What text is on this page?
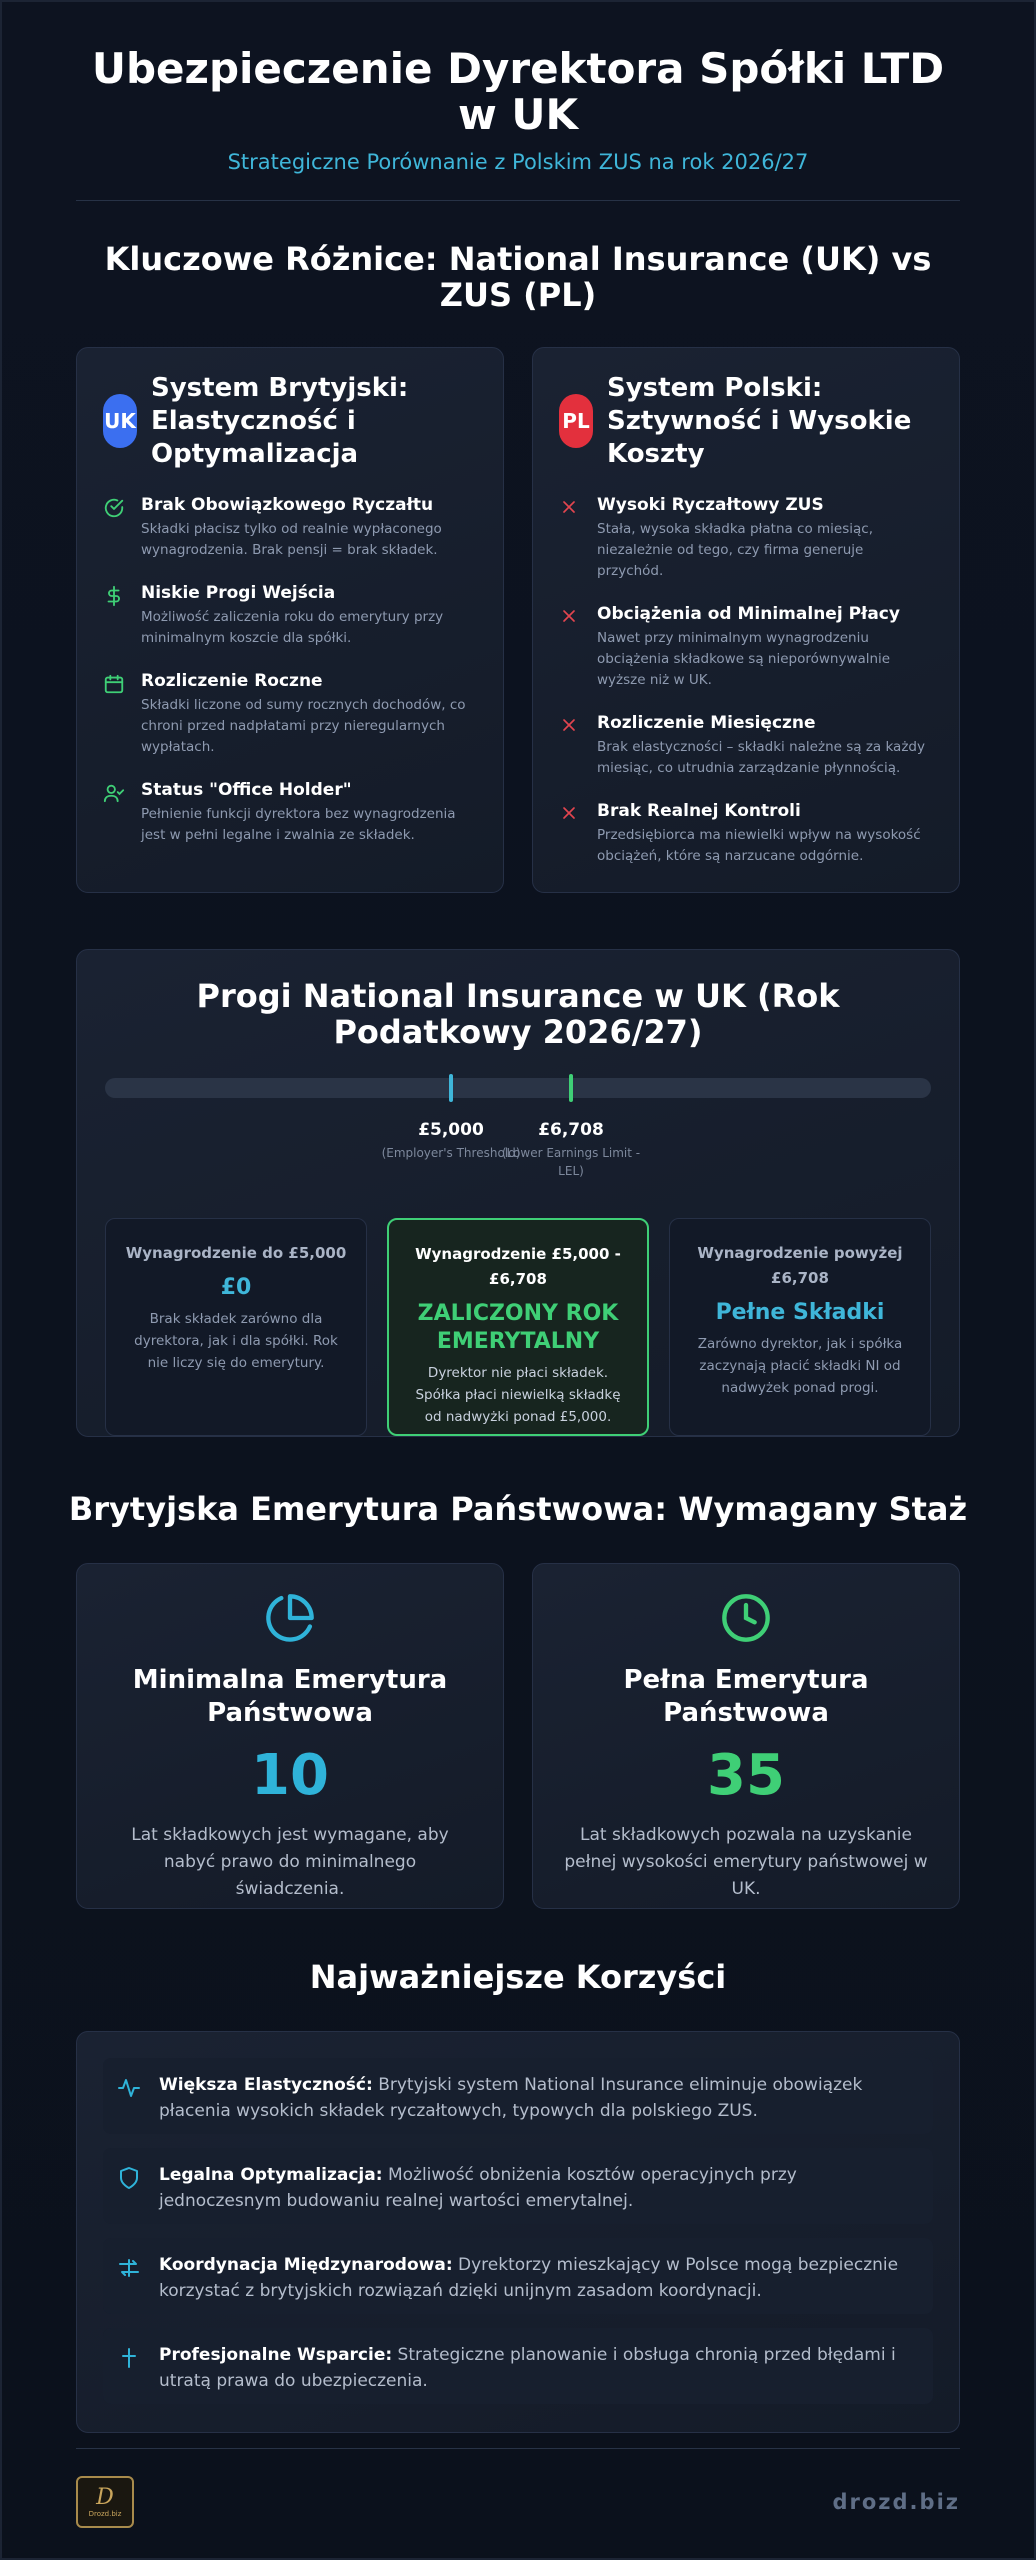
Ubezpieczenie Dyrektora Spółki LTD w UK
Strategiczne Porównanie z Polskim ZUS na rok 2026/27
Kluczowe Różnice: National Insurance (UK) vs ZUS (PL)
UK
System Brytyjski: Elastyczność i Optymalizacja
Brak Obowiązkowego Ryczałtu

Składki płacisz tylko od realnie wypłaconego wynagrodzenia. Brak pensji = brak składek.

Niskie Progi Wejścia

Możliwość zaliczenia roku do emerytury przy minimalnym koszcie dla spółki.

Rozliczenie Roczne

Składki liczone od sumy rocznych dochodów, co chroni przed nadpłatami przy nieregularnych wypłatach.

Status "Office Holder"

Pełnienie funkcji dyrektora bez wynagrodzenia jest w pełni legalne i zwalnia ze składek.

PL
System Polski: Sztywność i Wysokie Koszty
Wysoki Ryczałtowy ZUS

Stała, wysoka składka płatna co miesiąc, niezależnie od tego, czy firma generuje przychód.

Obciążenia od Minimalnej Płacy

Nawet przy minimalnym wynagrodzeniu obciążenia składkowe są nieporównywalnie wyższe niż w UK.

Rozliczenie Miesięczne

Brak elastyczności – składki należne są za każdy miesiąc, co utrudnia zarządzanie płynnością.

Brak Realnej Kontroli

Przedsiębiorca ma niewielki wpływ na wysokość obciążeń, które są narzucane odgórnie.

Progi National Insurance w UK (Rok Podatkowy 2026/27)
£5,000
(Employer's Threshold)
£6,708
(Lower Earnings Limit - LEL)
Wynagrodzenie do £5,000
£0
Brak składek zarówno dla dyrektora, jak i dla spółki. Rok nie liczy się do emerytury.
Wynagrodzenie £5,000 - £6,708
ZALICZONY ROK EMERYTALNY
Dyrektor nie płaci składek. Spółka płaci niewielką składkę od nadwyżki ponad £5,000.
Wynagrodzenie powyżej £6,708
Pełne Składki
Zarówno dyrektor, jak i spółka zaczynają płacić składki NI od nadwyżek ponad progi.
Brytyjska Emerytura Państwowa: Wymagany Staż
Minimalna Emerytura Państwowa
10

Lat składkowych jest wymagane, aby nabyć prawo do minimalnego świadczenia.

Pełna Emerytura Państwowa
35

Lat składkowych pozwala na uzyskanie pełnej wysokości emerytury państwowej w UK.

Najważniejsze Korzyści

Większa Elastyczność: Brytyjski system National Insurance eliminuje obowiązek płacenia wysokich składek ryczałtowych, typowych dla polskiego ZUS.

Legalna Optymalizacja: Możliwość obniżenia kosztów operacyjnych przy jednoczesnym budowaniu realnej wartości emerytalnej.

Koordynacja Międzynarodowa: Dyrektorzy mieszkający w Polsce mogą bezpiecznie korzystać z brytyjskich rozwiązań dzięki unijnym zasadom koordynacji.

Profesjonalne Wsparcie: Strategiczne planowanie i obsługa chronią przed błędami i utratą prawa do ubezpieczenia.

D
Drozd.biz	drozd.biz
